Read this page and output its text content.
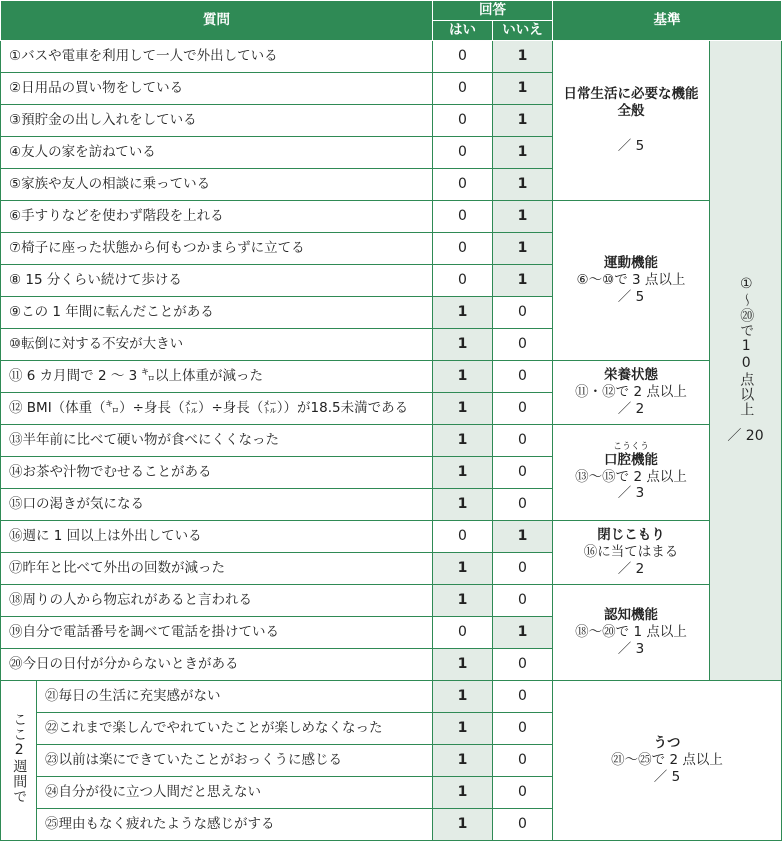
質問		回答		基準	
		はい	いいえ		
①バスや電車を利用して一人で外出している		0	1	日常生活に必要な機能全般
／ 5	①～⑳で10点以上
／ 20

②日用品の買い物をしている		0	1		
③預貯金の出し入れをしている		0	1		
④友人の家を訪ねている		0	1		
⑤家族や友人の相談に乗っている		0	1		
⑥手すりなどを使わず階段を上れる		0	1	運動機能
⑥～⑩で 3 点以上
／ 5	

⑦椅子に座った状態から何もつかまらずに立てる		0	1		
⑧ 15 分くらい続けて歩ける		0	1		
⑨この 1 年間に転んだことがある		1	0		
⑩転倒に対する不安が大きい		1	0		
⑪ 6 カ月間で 2 ～ 3 ㌔以上体重が減った		1	0	栄養状態
⑪・⑫で 2 点以上
／ 2	

⑫ BMI（体重（㌔）÷身長（㍍）÷身長（㍍））が18.5未満である		1	0		
⑬半年前に比べて硬い物が食べにくくなった		1	0	こうくう
口腔機能
⑬～⑮で 2 点以上
／ 3	

⑭お茶や汁物でむせることがある		1	0		
⑮口の渇きが気になる		1	0		
⑯週に 1 回以上は外出している		0	1	閉じこもり
⑯に当てはまる
／ 2	

⑰昨年と比べて外出の回数が減った		1	0		
⑱周りの人から物忘れがあると言われる		1	0	認知機能
⑱～⑳で 1 点以上
／ 3	

⑲自分で電話番号を調べて電話を掛けている		0	1		
⑳今日の日付が分からないときがある		1	0		
ここ2週間で	㉑毎日の生活に充実感がない	1	0	うつ
㉑～㉕で 2 点以上
／ 5	

	㉒これまで楽しんでやれていたことが楽しめなくなった	1	0		
	㉓以前は楽にできていたことがおっくうに感じる	1	0		
	㉔自分が役に立つ人間だと思えない	1	0		
	㉕理由もなく疲れたような感じがする	1	0		
